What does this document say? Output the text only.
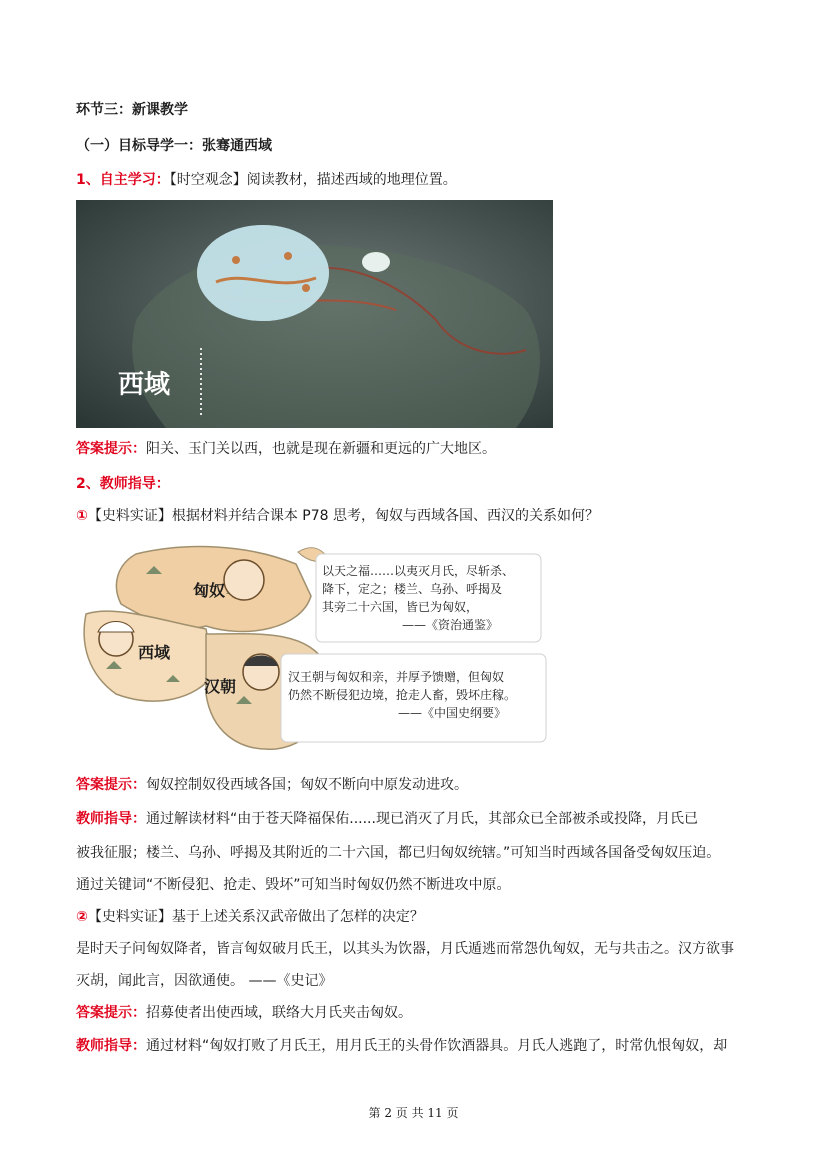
环节三：新课教学
（一）目标导学一：张骞通西域
1、自主学习：【时空观念】阅读教材，描述西域的地理位置。
西域
答案提示：阳关、玉门关以西，也就是现在新疆和更远的广大地区。
2、教师指导：
①【史料实证】根据材料并结合课本 P78 思考，匈奴与西域各国、西汉的关系如何？
匈奴
西域
汉朝
以天之福……以夷灭月氏，尽斩杀、
降下，定之；楼兰、乌孙、呼揭及
其旁二十六国，皆已为匈奴，
——《资治通鉴》
汉王朝与匈奴和亲，并厚予馈赠，但匈奴
仍然不断侵犯边境，抢走人畜，毁坏庄稼。
——《中国史纲要》
答案提示：匈奴控制奴役西域各国；匈奴不断向中原发动进攻。
教师指导：通过解读材料“由于苍天降福保佑......现已消灭了月氏，其部众已全部被杀或投降，月氏已
被我征服；楼兰、乌孙、呼揭及其附近的二十六国，都已归匈奴统辖。”可知当时西域各国备受匈奴压迫。
通过关键词“不断侵犯、抢走、毁坏”可知当时匈奴仍然不断进攻中原。
②【史料实证】基于上述关系汉武帝做出了怎样的决定？
是时天子问匈奴降者，皆言匈奴破月氏王，以其头为饮器，月氏遁逃而常怨仇匈奴，无与共击之。汉方欲事
灭胡，闻此言，因欲通使。 ——《史记》
答案提示：招募使者出使西域，联络大月氏夹击匈奴。
教师指导：通过材料“匈奴打败了月氏王，用月氏王的头骨作饮酒器具。月氏人逃跑了，时常仇恨匈奴，却
第 2 页 共 11 页
